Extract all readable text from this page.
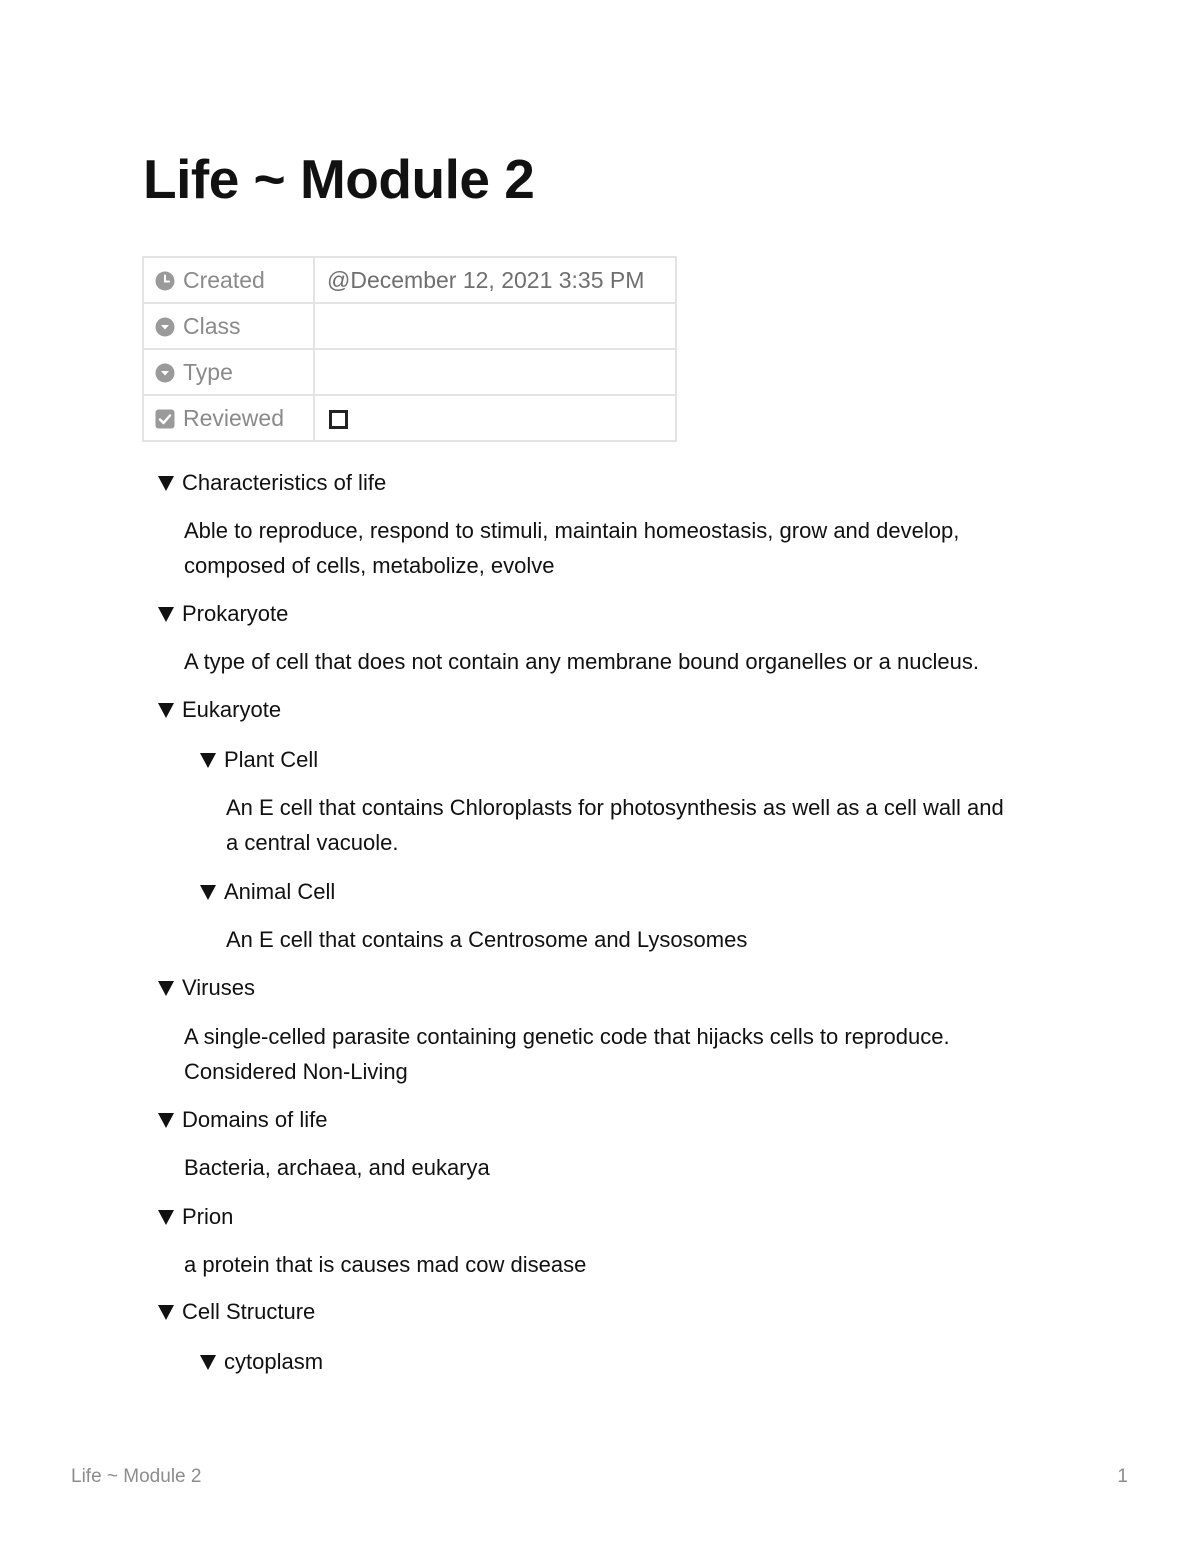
Life ~ Module 2
Created	@December 12, 2021 3:35 PM
Class	
Type	
Reviewed	
Characteristics of life
Able to reproduce, respond to stimuli, maintain homeostasis, grow and develop,
composed of cells, metabolize, evolve
Prokaryote
A type of cell that does not contain any membrane bound organelles or a nucleus.
Eukaryote
Plant Cell
An E cell that contains Chloroplasts for photosynthesis as well as a cell wall and
a central vacuole.
Animal Cell
An E cell that contains a Centrosome and Lysosomes
Viruses
A single-celled parasite containing genetic code that hijacks cells to reproduce.
Considered Non-Living
Domains of life
Bacteria, archaea, and eukarya
Prion
a protein that is causes mad cow disease
Cell Structure
cytoplasm
Life ~ Module 2	1
